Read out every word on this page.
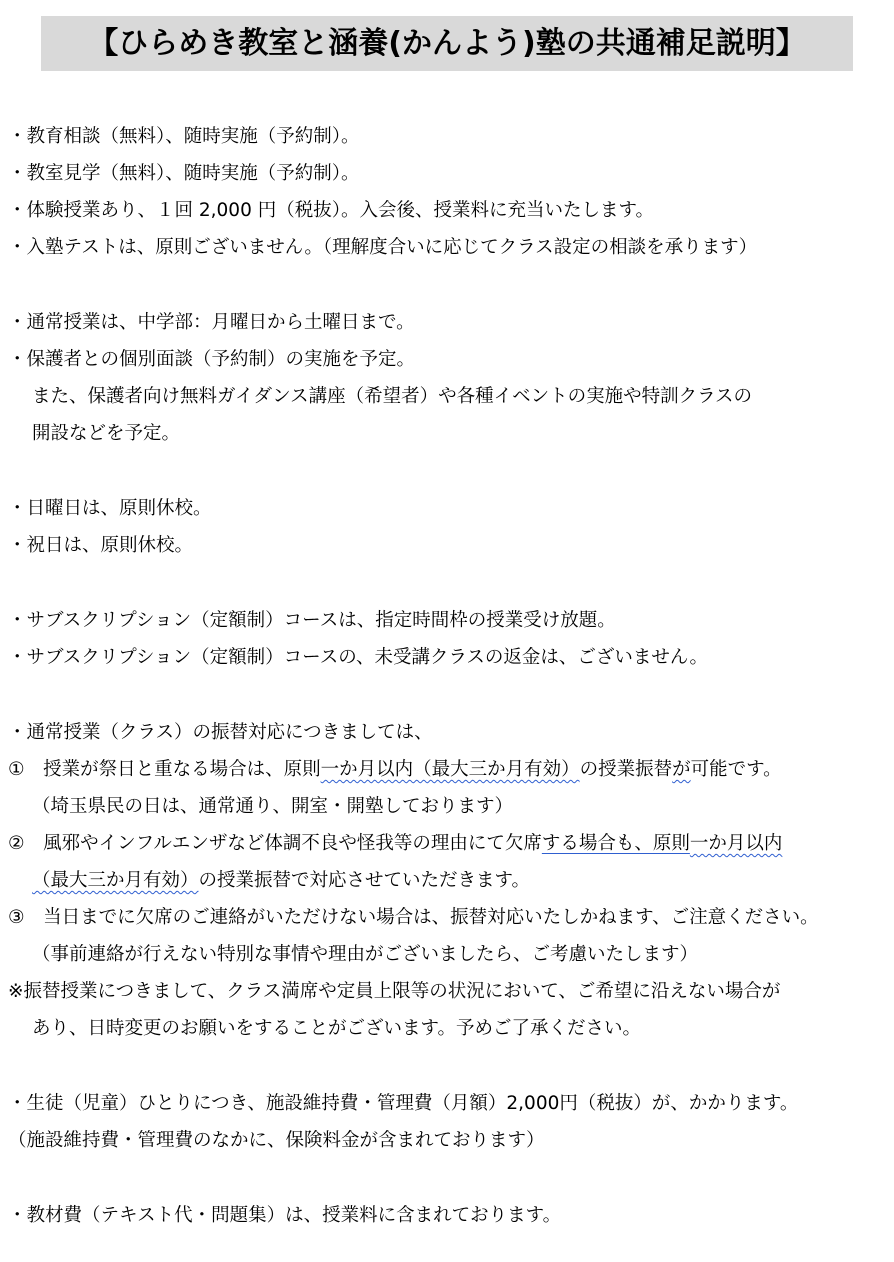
【ひらめき教室と涵養(かんよう)塾の共通補足説明】
・教育相談（無料）、随時実施（予約制）。
・教室見学（無料）、随時実施（予約制）。
・体験授業あり、１回 2,000 円（税抜）。入会後、授業料に充当いたします。
・入塾テストは、原則ございません。（理解度合いに応じてクラス設定の相談を承ります）
・通常授業は、中学部：月曜日から土曜日まで。
・保護者との個別面談（予約制）の実施を予定。
また、保護者向け無料ガイダンス講座（希望者）や各種イベントの実施や特訓クラスの
開設などを予定。
・日曜日は、原則休校。
・祝日は、原則休校。
・サブスクリプション（定額制）コースは、指定時間枠の授業受け放題。
・サブスクリプション（定額制）コースの、未受講クラスの返金は、ございません。
・通常授業（クラス）の振替対応につきましては、
①　授業が祭日と重なる場合は、原則一か月以内（最大三か月有効）の授業振替が可能です。
（埼玉県民の日は、通常通り、開室・開塾しております）
②　風邪やインフルエンザなど体調不良や怪我等の理由にて欠席する場合も、原則一か月以内
（最大三か月有効）の授業振替で対応させていただきます。
③　当日までに欠席のご連絡がいただけない場合は、振替対応いたしかねます、ご注意ください。
（事前連絡が行えない特別な事情や理由がございましたら、ご考慮いたします）
※振替授業につきまして、クラス満席や定員上限等の状況において、ご希望に沿えない場合が
あり、日時変更のお願いをすることがございます。予めご了承ください。
・生徒（児童）ひとりにつき、施設維持費・管理費（月額）2,000円（税抜）が、かかります。
（施設維持費・管理費のなかに、保険料金が含まれております）
・教材費（テキスト代・問題集）は、授業料に含まれております。
